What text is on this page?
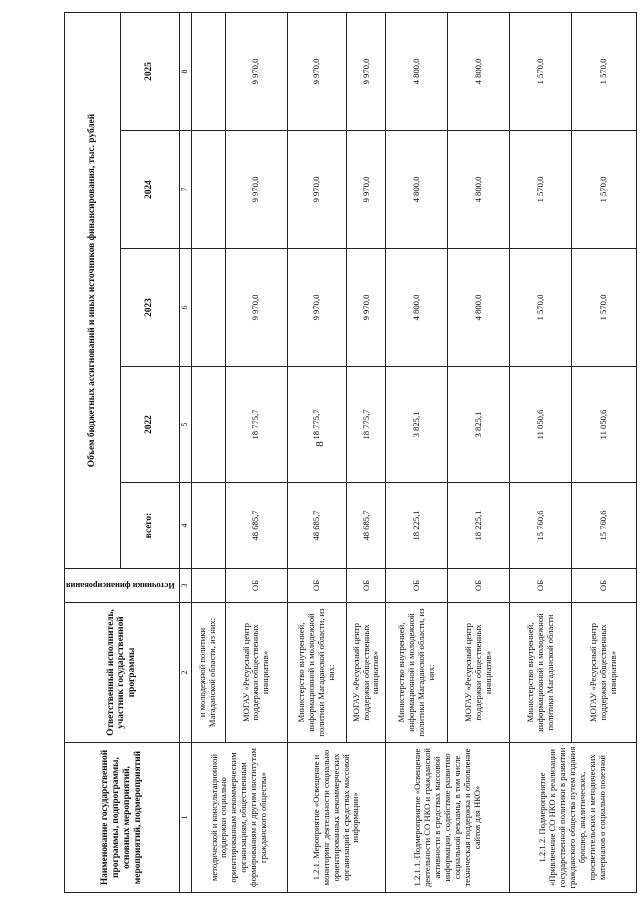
8
Наименование государственной программы, подпрограммы, основных мероприятий, мероприятий, подмероприятий	Ответственный исполнитель, участник государственной программы	Источники финансирования	Объем бюджетных ассигнований и иных источников финансирования, тыс. рублей				
			всего:	2022	2023	2024	2025
1	2	3	4	5	6	7	8
методической и консультационной поддержки социально ориентированным некоммерческим организациям, общественным формированиям и другим институтам гражданского общества»	и молодежной политики Магаданской области, из них:						
	МОГАУ «Ресурсный центр поддержки общественных инициатив»	ОБ	48 685,7	18 775,7	9 970,0	9 970,0	9 970,0
1.2.1. Мероприятие «Освещение и мониторинг деятельности социально ориентированных некоммерческих организаций в средствах массовой информации»	Министерство внутренней, информационной и молодежной политики Магаданской области, из них:	ОБ	48 685,7	18 775,7	9 970,0	9 970,0	9 970,0
	МОГАУ «Ресурсный центр поддержки общественных инициатив»	ОБ	48 685,7	18 775,7	9 970,0	9 970,0	9 970,0
1.2.1.1. Подмероприятие «Освещение деятельности СО НКО и гражданской активности в средствах массовой информации, содействие развитию социальной рекламы, в том числе техническая поддержка и обновление сайтов для НКО»	Министерство внутренней, информационной и молодежной политики Магаданской области, из них:	ОБ	18 225,1	3 825,1	4 800,0	4 800,0	4 800,0
	МОГАУ «Ресурсный центр поддержки общественных инициатив»	ОБ	18 225,1	3 825,1	4 800,0	4 800,0	4 800,0
1.2.1.2. Подмероприятие «Привлечение СО НКО к реализации государственной политики в развитии гражданского общества путем издания брошюр, аналитических, просветительских и методических материалов о социально полезной	Министерство внутренней, информационной и молодежной политики Магаданской области	ОБ	15 760,6	11 050,6	1 570,0	1 570,0	1 570,0
	МОГАУ «Ресурсный центр поддержки общественных инициатив»	ОБ	15 760,6	11 050,6	1 570,0	1 570,0	1 570,0
